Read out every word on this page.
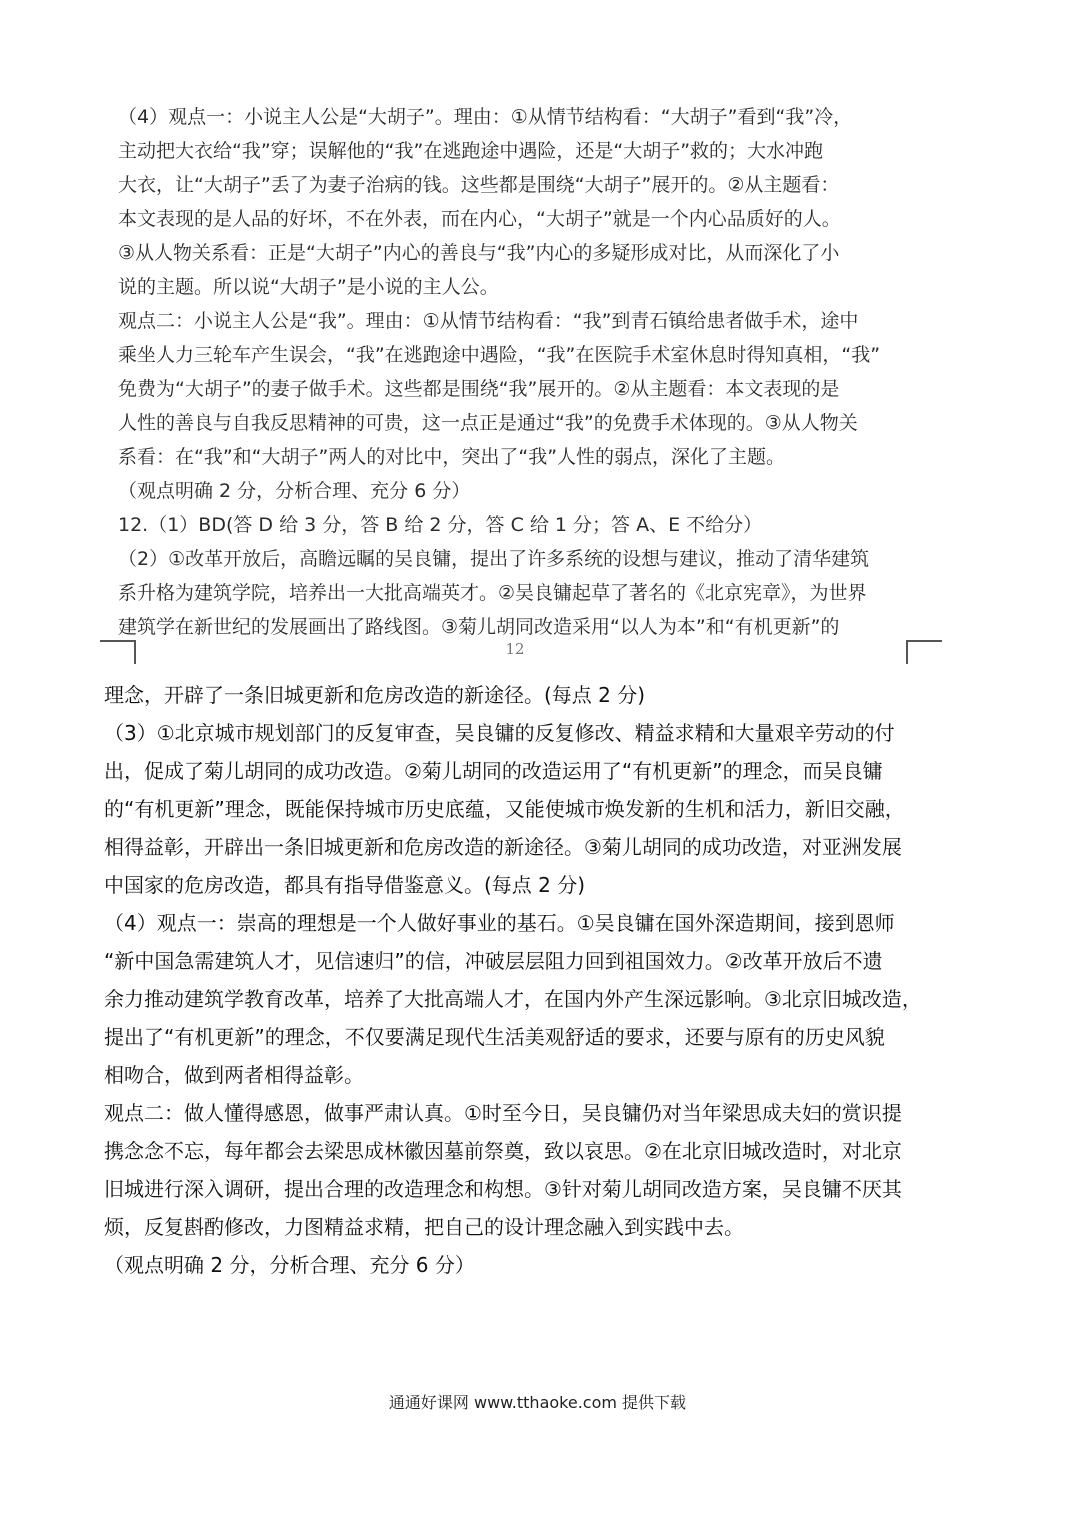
（4）观点一：小说主人公是“大胡子”。理由：①从情节结构看：“大胡子”看到“我”冷，

主动把大衣给“我”穿；误解他的“我”在逃跑途中遇险，还是“大胡子”救的；大水冲跑

大衣，让“大胡子”丢了为妻子治病的钱。这些都是围绕“大胡子”展开的。②从主题看：

本文表现的是人品的好坏，不在外表，而在内心，“大胡子”就是一个内心品质好的人。

③从人物关系看：正是“大胡子”内心的善良与“我”内心的多疑形成对比，从而深化了小

说的主题。所以说“大胡子”是小说的主人公。

观点二：小说主人公是“我”。理由：①从情节结构看：“我”到青石镇给患者做手术，途中

乘坐人力三轮车产生误会，“我”在逃跑途中遇险，“我”在医院手术室休息时得知真相，“我”

免费为“大胡子”的妻子做手术。这些都是围绕“我”展开的。②从主题看：本文表现的是

人性的善良与自我反思精神的可贵，这一点正是通过“我”的免费手术体现的。③从人物关

系看：在“我”和“大胡子”两人的对比中，突出了“我”人性的弱点，深化了主题。

（观点明确 2 分，分析合理、充分 6 分）

12.（1）BD(答 D 给 3 分，答 B 给 2 分，答 C 给 1 分；答 A、E 不给分）

（2）①改革开放后，高瞻远瞩的吴良镛，提出了许多系统的设想与建议，推动了清华建筑

系升格为建筑学院，培养出一大批高端英才。②吴良镛起草了著名的《北京宪章》，为世界

建筑学在新世纪的发展画出了路线图。③菊儿胡同改造采用“以人为本”和“有机更新”的

12

理念，开辟了一条旧城更新和危房改造的新途径。(每点 2 分)

（3）①北京城市规划部门的反复审查，吴良镛的反复修改、精益求精和大量艰辛劳动的付

出，促成了菊儿胡同的成功改造。②菊儿胡同的改造运用了“有机更新”的理念，而吴良镛

的“有机更新”理念，既能保持城市历史底蕴，又能使城市焕发新的生机和活力，新旧交融，

相得益彰，开辟出一条旧城更新和危房改造的新途径。③菊儿胡同的成功改造，对亚洲发展

中国家的危房改造，都具有指导借鉴意义。(每点 2 分)

（4）观点一：崇高的理想是一个人做好事业的基石。①吴良镛在国外深造期间，接到恩师

“新中国急需建筑人才，见信速归”的信，冲破层层阻力回到祖国效力。②改革开放后不遗

余力推动建筑学教育改革，培养了大批高端人才，在国内外产生深远影响。③北京旧城改造，

提出了“有机更新”的理念，不仅要满足现代生活美观舒适的要求，还要与原有的历史风貌

相吻合，做到两者相得益彰。

观点二：做人懂得感恩，做事严肃认真。①时至今日，吴良镛仍对当年梁思成夫妇的赏识提

携念念不忘，每年都会去梁思成林徽因墓前祭奠，致以哀思。②在北京旧城改造时，对北京

旧城进行深入调研，提出合理的改造理念和构想。③针对菊儿胡同改造方案，吴良镛不厌其

烦，反复斟酌修改，力图精益求精，把自己的设计理念融入到实践中去。

（观点明确 2 分，分析合理、充分 6 分）

通通好课网 www.tthaoke.com 提供下载
